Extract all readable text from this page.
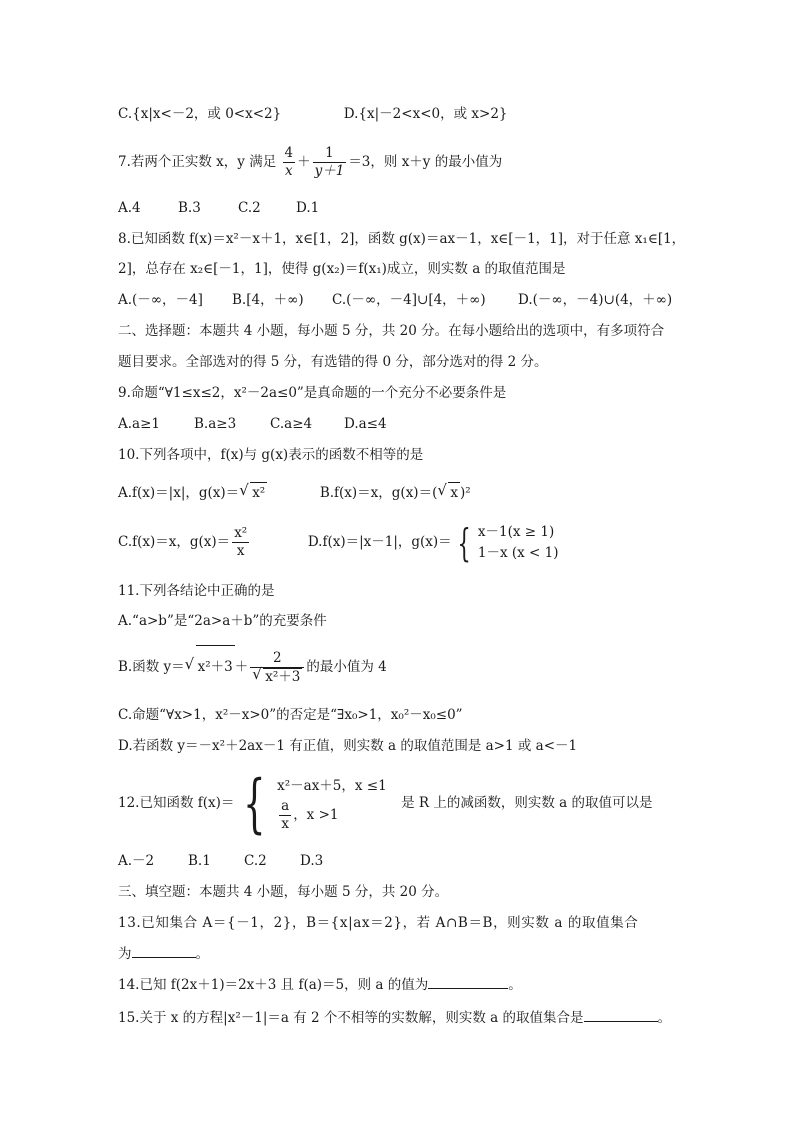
C.{x|x<－2，或 0<x<2}	D.{x|－2<x<0，或 x>2}
7.若两个正实数 x，y 满足 $\frac{4}{x} + \frac{1}{y+1} =3$，则 x＋y 的最小值为
A.4	B.3	C.2	D.1
8.已知函数 f(x)＝x²－x＋1，x∈[1，2]，函数 g(x)＝ax－1，x∈[－1，1]，对于任意 x₁∈[1，
2]，总存在 x₂∈[－1，1]，使得 g(x₂)＝f(x₁)成立，则实数 a 的取值范围是
A.(－∞，－4] B.[4，＋∞) C.(－∞，－4]∪[4，＋∞) D.(－∞，－4)∪(4，＋∞)
二、选择题：本题共 4 小题，每小题 5 分，共 20 分。在每小题给出的选项中，有多项符合
题目要求。全部选对的得 5 分，有选错的得 0 分，部分选对的得 2 分。
9.命题“∀1≤x≤2，x²－2a≤0”是真命题的一个充分不必要条件是
A.a≥1	B.a≥3	C.a≥4 D.a≤4
10.下列各项中，f(x)与 g(x)表示的函数不相等的是
A.f(x)＝|x|，g(x)＝ √ x²	B.f(x)＝x，g(x)＝( √ x )²
C.f(x)＝x，$g(x)= \frac{\text{x²}}{x}$	D.f(x)＝|x－1|，g(x)＝ { x－1(x ≥ 1)
1－x (x < 1)
11.下列各结论中正确的是
A.“a>b”是“2a>a＋b”的充要条件
B.函数 y＝ √ x²＋3 ＋ 2
√ x²＋3 的最小值为 4
C.命题“∀x>1，x²－x>0”的否定是“∃x₀>1，x₀²－x₀≤0”
D.若函数 y＝－x²＋2ax－1 有正值，则实数 a 的取值范围是 a>1 或 a<－1
12.已知函数 f(x)＝ { x²－ax＋5，x ≤1
$\frac{a}{x}$ ，x >1
是 R 上的减函数，则实数 a 的取值可以是
A.－2	B.1 C.2 D.3
三、填空题：本题共 4 小题，每小题 5 分，共 20 分。
13.已知集合 A＝{－1，2}，B＝{x|ax＝2}，若 A∩B＝B，则实数 a 的取值集合
为	。
14.已知 f(2x＋1)＝2x＋3 且 f(a)＝5，则 a 的值为	。
15.关于 x 的方程|x²－1|＝a 有 2 个不相等的实数解，则实数 a 的取值集合是	。
